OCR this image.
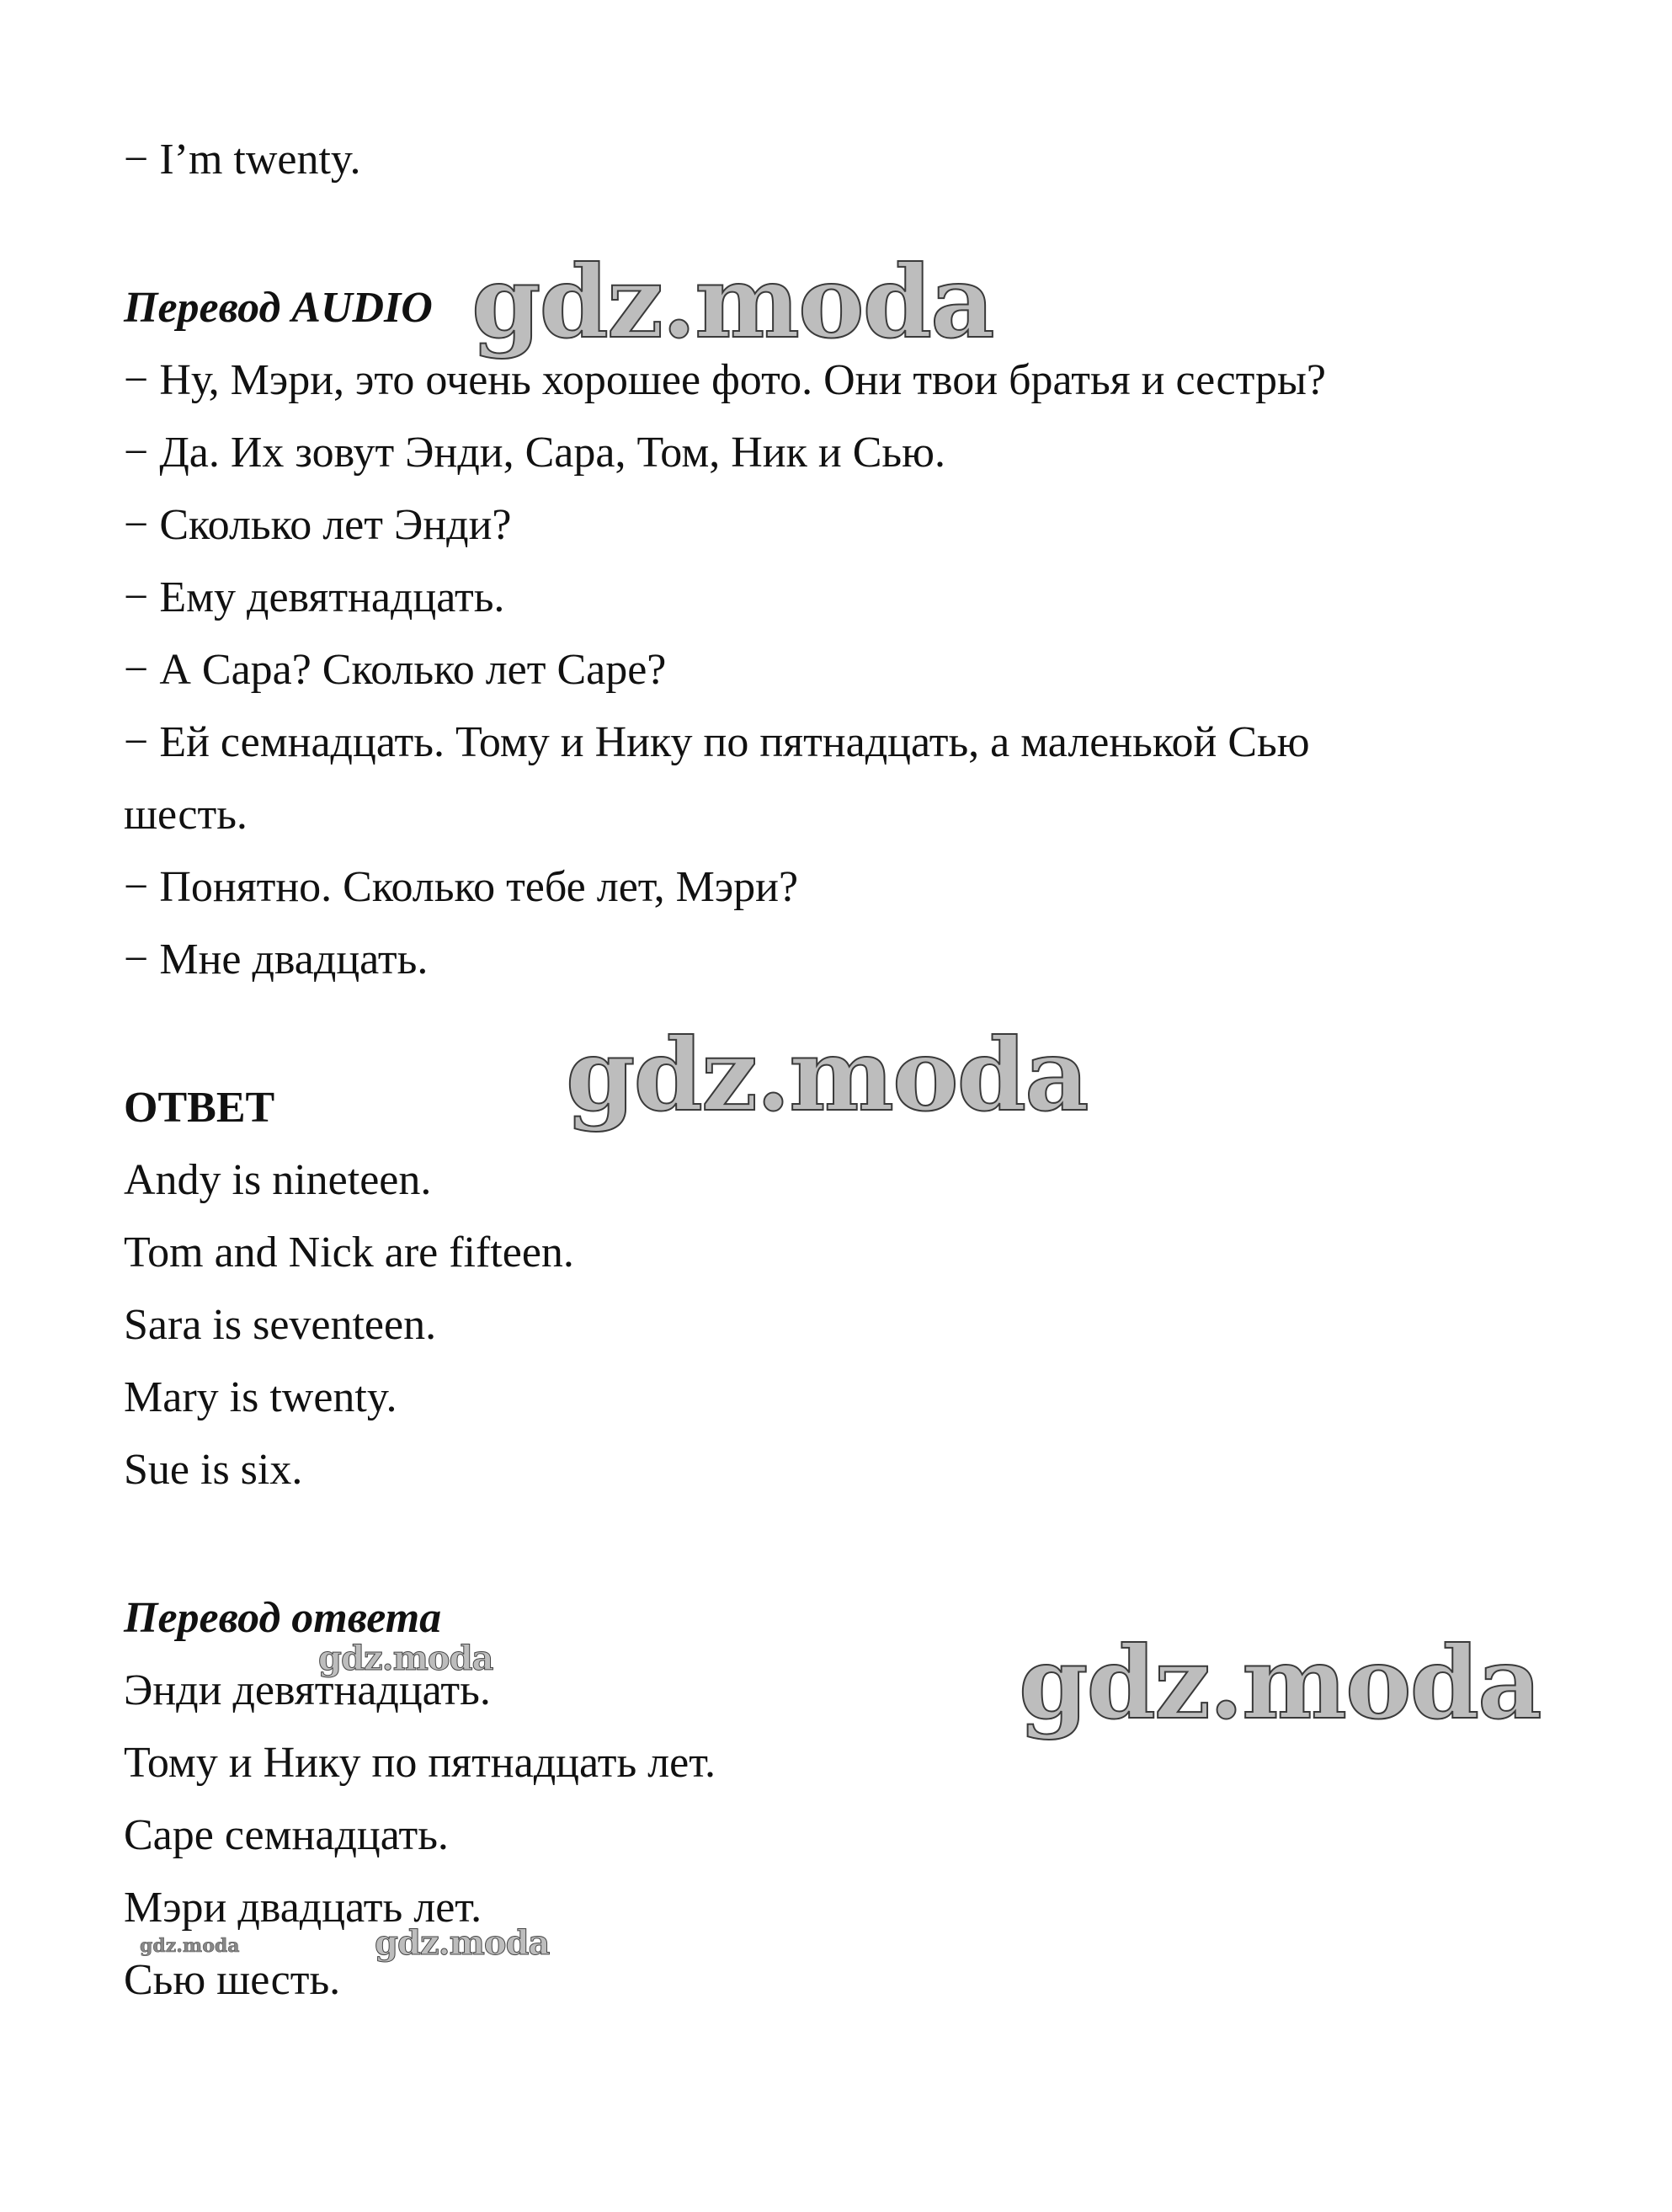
− I’m twenty.
Перевод AUDIO
− Ну, Мэри, это очень хорошее фото. Они твои братья и сестры?
− Да. Их зовут Энди, Сара, Том, Ник и Сью.
− Сколько лет Энди?
− Ему девятнадцать.
− А Сара? Сколько лет Саре?
− Ей семнадцать. Тому и Нику по пятнадцать, а маленькой Сью
шесть.
− Понятно. Сколько тебе лет, Мэри?
− Мне двадцать.
ОТВЕТ
Andy is nineteen.
Tom and Nick are fifteen.
Sara is seventeen.
Mary is twenty.
Sue is six.
Перевод ответа
Энди девятнадцать.
Тому и Нику по пятнадцать лет.
Саре семнадцать.
Мэри двадцать лет.
Сью шесть.
gdz.moda
gdz.moda
gdz.moda
gdz.moda
gdz.moda
gdz.moda
